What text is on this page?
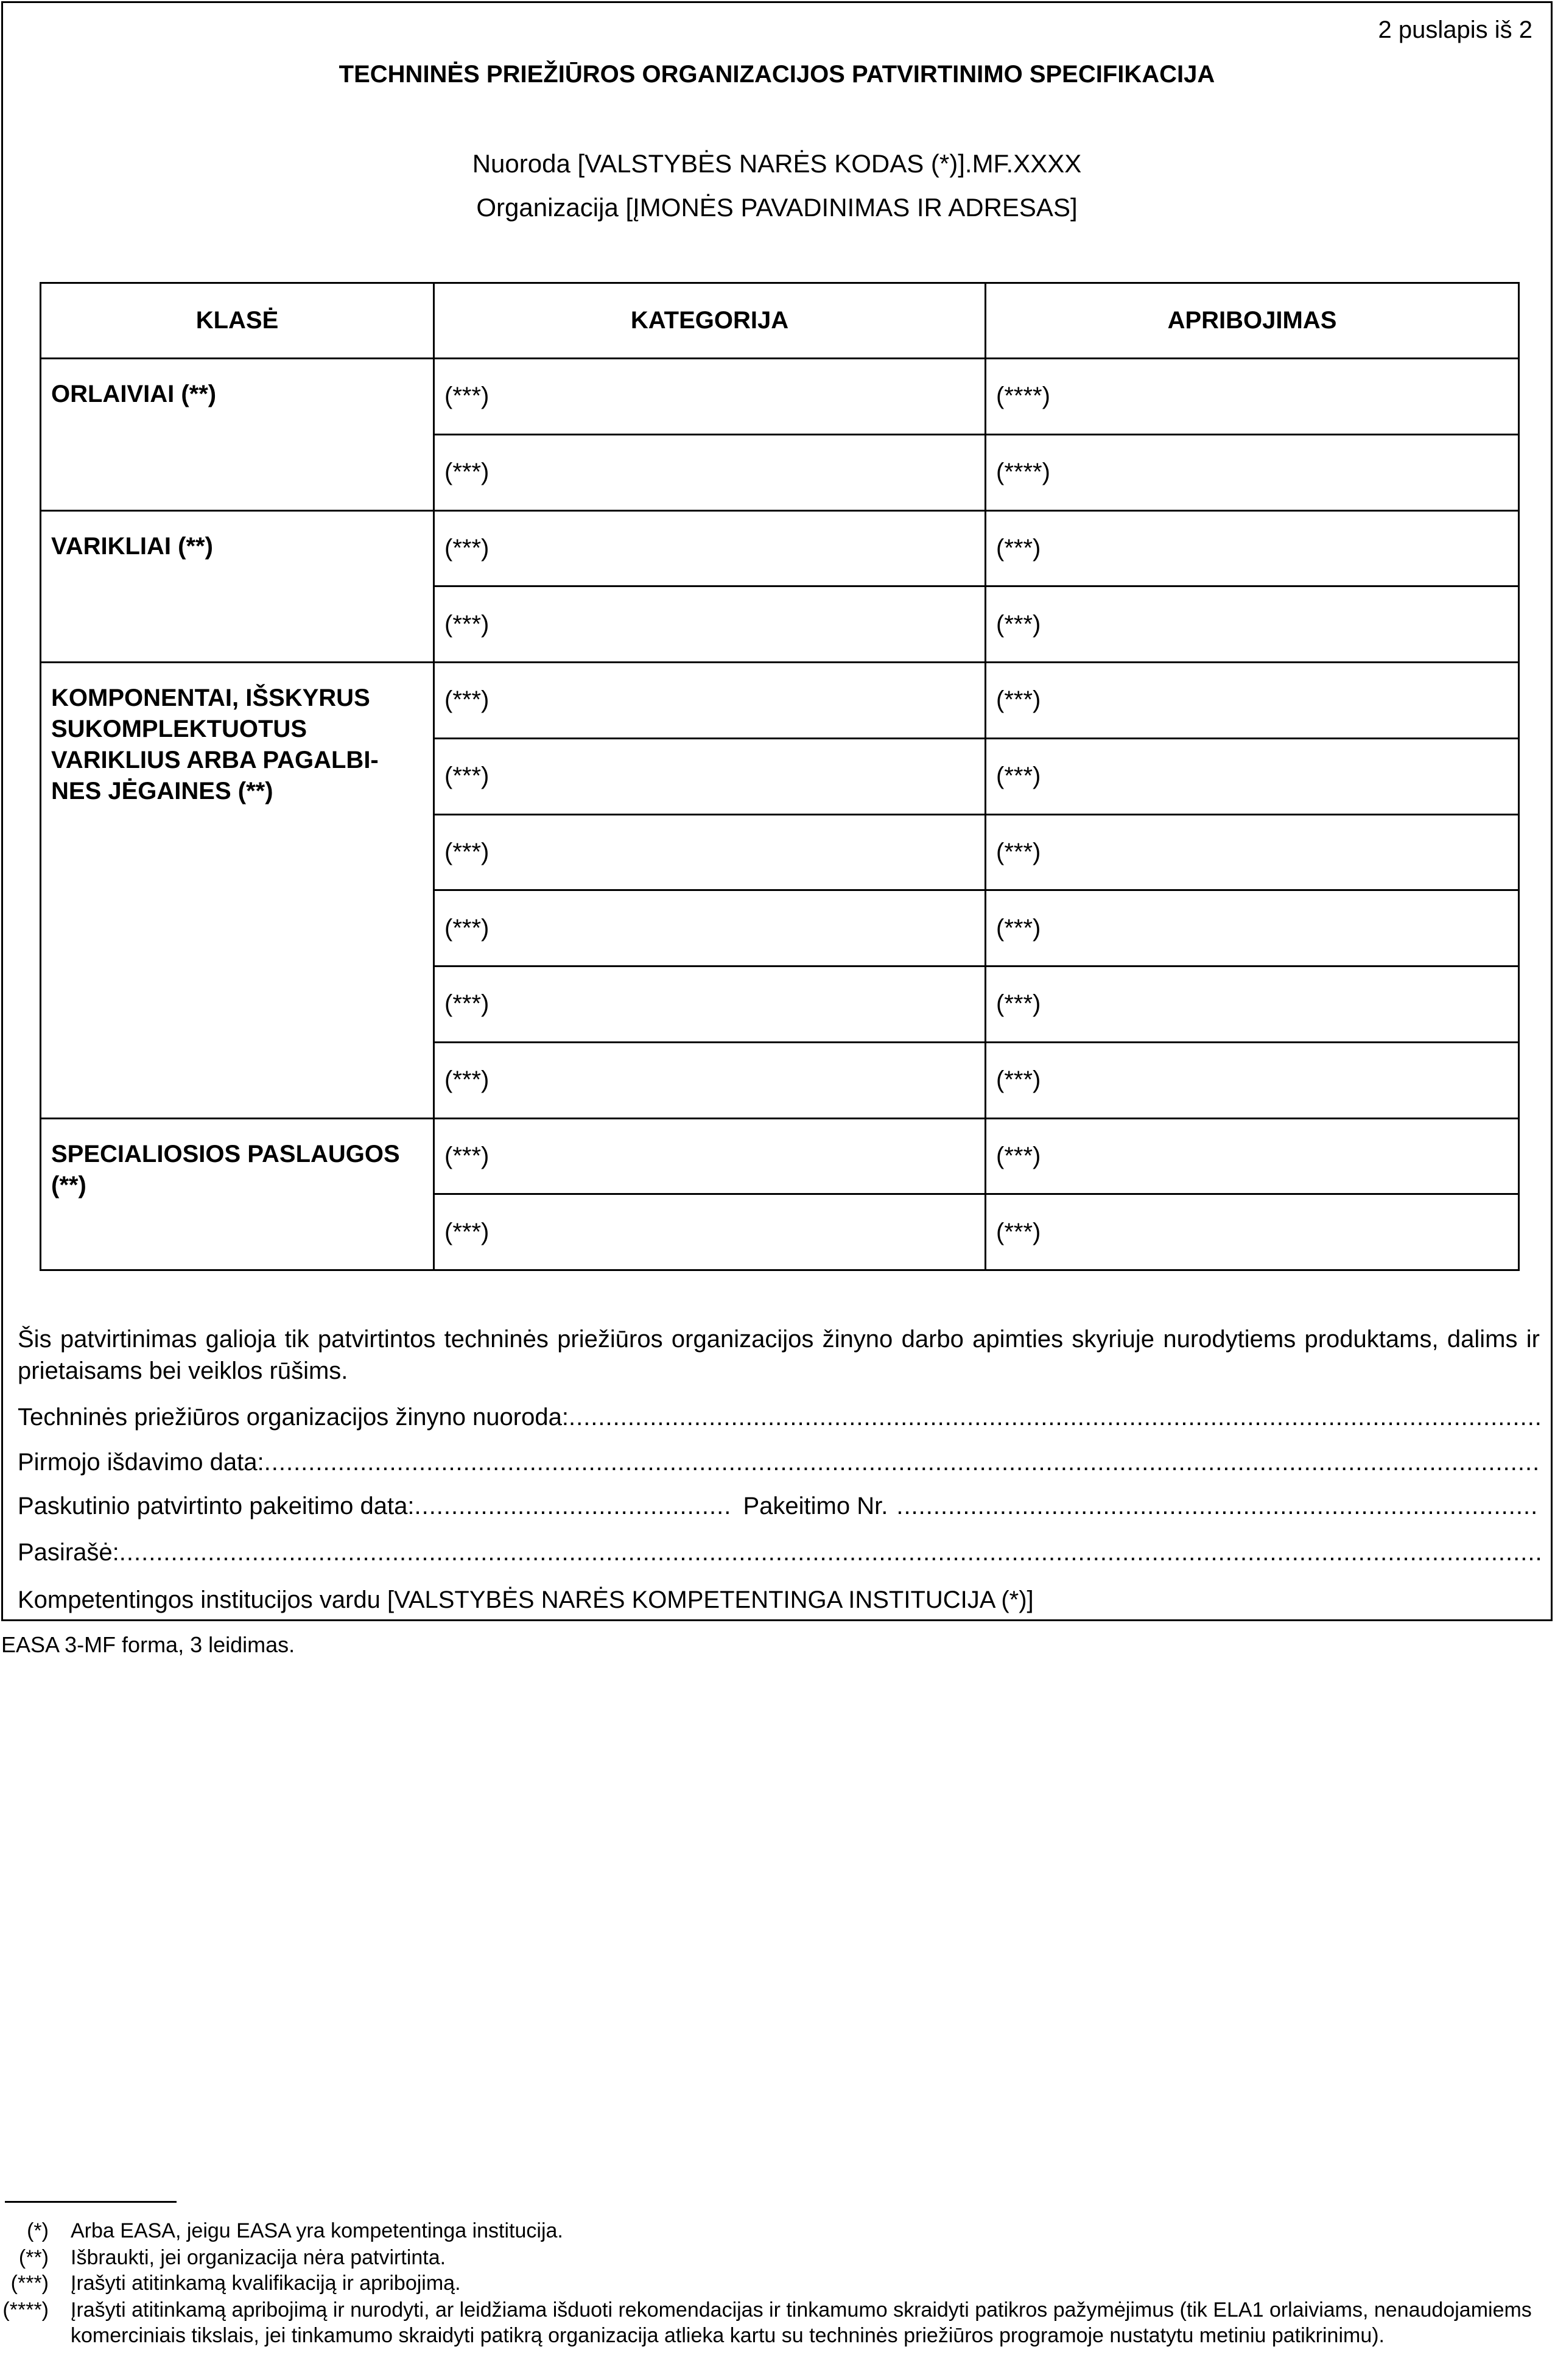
2 puslapis iš 2
TECHNINĖS PRIEŽIŪROS ORGANIZACIJOS PATVIRTINIMO SPECIFIKACIJA
Nuoroda [VALSTYBĖS NARĖS KODAS (*)].MF.XXXX
Organizacija [ĮMONĖS PAVADINIMAS IR ADRESAS]
KLASĖ	KATEGORIJA	APRIBOJIMAS
ORLAIVIAI (**)	(***)	(****)
	(***)	(****)
VARIKLIAI (**)	(***)	(***)
	(***)	(***)
KOMPONENTAI, IŠSKYRUS SUKOMPLEKTUOTUS VARIKLIUS ARBA PAGALBI-NES JĖGAINES (**)	(***)	(***)
	(***)	(***)
	(***)	(***)
	(***)	(***)
	(***)	(***)
	(***)	(***)
SPECIALIOSIOS PASLAUGOS (**)	(***)	(***)
	(***)	(***)
Šis patvirtinimas galioja tik patvirtintos techninės priežiūros organizacijos žinyno darbo apimties skyriuje nurodytiems produktams, dalims ir prietaisams bei veiklos rūšims.
Techninės priežiūros organizacijos žinyno nuoroda:
.....
Pirmojo išdavimo data:
.....
Paskutinio patvirtinto pakeitimo data: .....	Pakeitimo Nr.
.....
Pasirašė:
.....
Kompetentingos institucijos vardu [VALSTYBĖS NARĖS KOMPETENTINGA INSTITUCIJA (*)]
EASA 3-MF forma, 3 leidimas.
(*) Arba EASA, jeigu EASA yra kompetentinga institucija.
(**) Išbraukti, jei organizacija nėra patvirtinta.
(***) Įrašyti atitinkamą kvalifikaciją ir apribojimą.
(****) Įrašyti atitinkamą apribojimą ir nurodyti, ar leidžiama išduoti rekomendacijas ir tinkamumo skraidyti patikros pažymėjimus (tik ELA1 orlaiviams, nenaudojamiems komerciniais tikslais, jei tinkamumo skraidyti patikrą organizacija atlieka kartu su techninės priežiūros programoje nustatytu metiniu patikrinimu).
